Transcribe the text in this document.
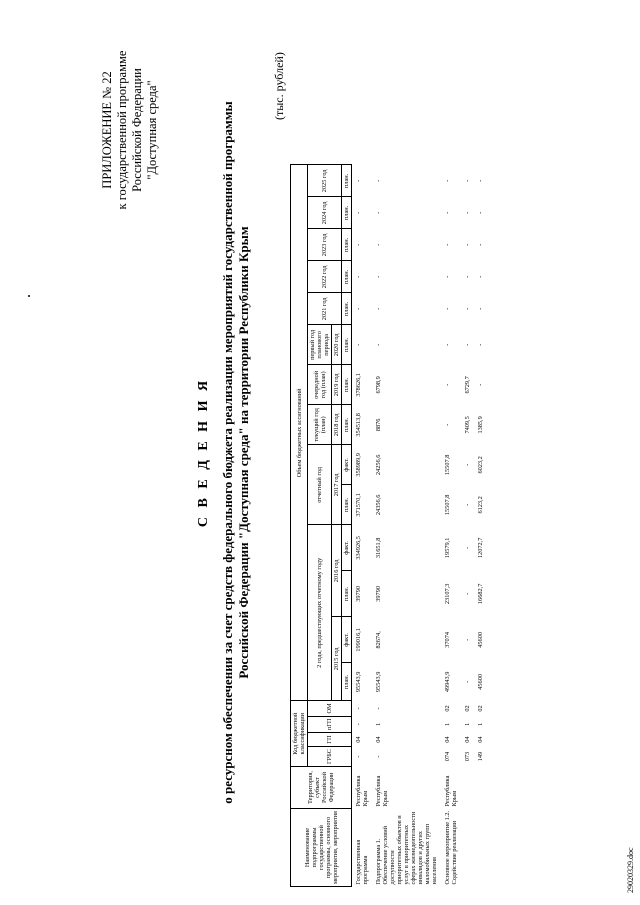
ПРИЛОЖЕНИЕ № 22 к государственной программе Российской Федерации "Доступная среда"
С В Е Д Е Н И Я о ресурсном обеспечении за счет средств федерального бюджета реализации мероприятий государственной программы Российской Федерации "Доступная среда" на территории Республики Крым
(тыс. рублей)
Наименование подпрограммы государственной программы, основного мероприятия, мероприятия	Территория, субъект Российской Федерации	Код бюджетной классификации				Объем бюджетных ассигнований													
		ГРБС	ГП	пГП	ОМ	2 года, предшествующих отчетному году				отчетный год		текущий год (план)	очередной год (план)	первый год планового периода	2021 год	2022 год	2023 год	2024 год	2025 год
						2015 год		2016 год		2017 год		2018 год	2019 год	2020 год					
						план.	факт.	план.	факт.	план.	факт.	план.	план.	план.	план.	план.	план.	план.	план.
Государственная программа	Республика Крым	-	04	-	-	95543,9	199016,1	39790	334926,5	371570,1	358989,9	354513,8	378626,1	-	-	-	-	-	-
Подпрограмма 1. Обеспечение условий доступности приоритетных объектов и услуг в приоритетных сферах жизнедеятельности инвалидов и других маломобильных групп населения	Республика Крым	-	04	1	-	95543,9	82674,	39790	31651,8	24356,6	24256,6	8876	6798,9	-	-	-	-	-	-
Основное мероприятие 1.2. Содействие реализации	Республика Крым	074	04	1	02	49943,9	37074	23107,3	19579,1	15507,8	15507,8	-	-	-	-	-	-	-	-
		073	04	1	02	-	-	-	-	-	-	7409,5	6729,7	-	-	-	-	-	-
		149	04	1	02	45600	45600	16682,7	12072,7	6123,2	6023,2	1385,9	-	-	-	-	-	-	-
29020329.doc
